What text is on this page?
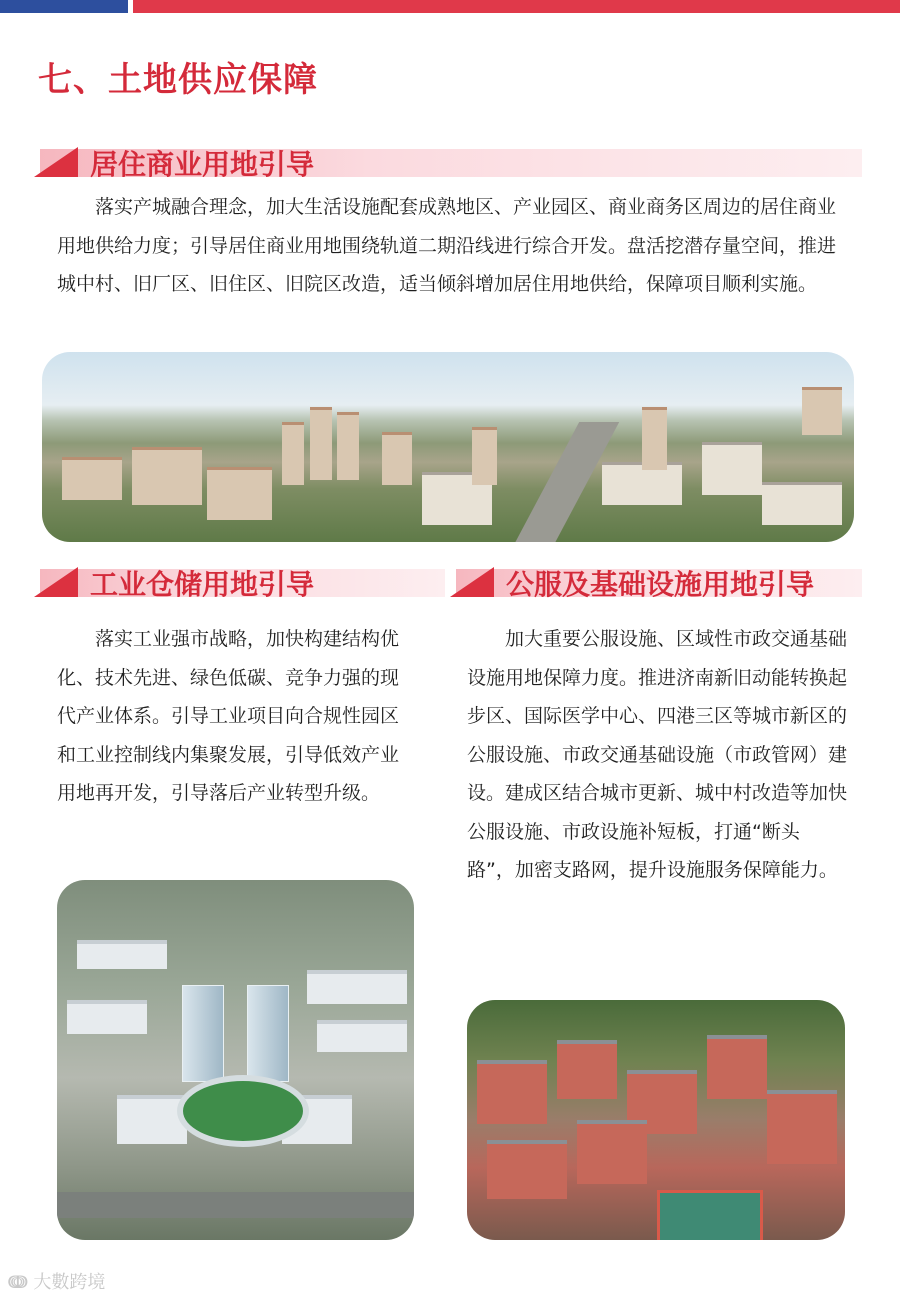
七、土地供应保障
居住商业用地引导

落实产城融合理念，加大生活设施配套成熟地区、产业园区、商业商务区周边的居住商业用地供给力度；引导居住商业用地围绕轨道二期沿线进行综合开发。盘活挖潜存量空间，推进城中村、旧厂区、旧住区、旧院区改造，适当倾斜增加居住用地供给，保障项目顺利实施。

工业仓储用地引导	公服及基础设施用地引导

落实工业强市战略，加快构建结构优化、技术先进、绿色低碳、竞争力强的现代产业体系。引导工业项目向合规性园区和工业控制线内集聚发展，引导低效产业用地再开发，引导落后产业转型升级。

加大重要公服设施、区域性市政交通基础设施用地保障力度。推进济南新旧动能转换起步区、国际医学中心、四港三区等城市新区的公服设施、市政交通基础设施（市政管网）建设。建成区结合城市更新、城中村改造等加快公服设施、市政设施补短板，打通“断头路”，加密支路网，提升设施服务保障能力。

ↈ 大數跨境
